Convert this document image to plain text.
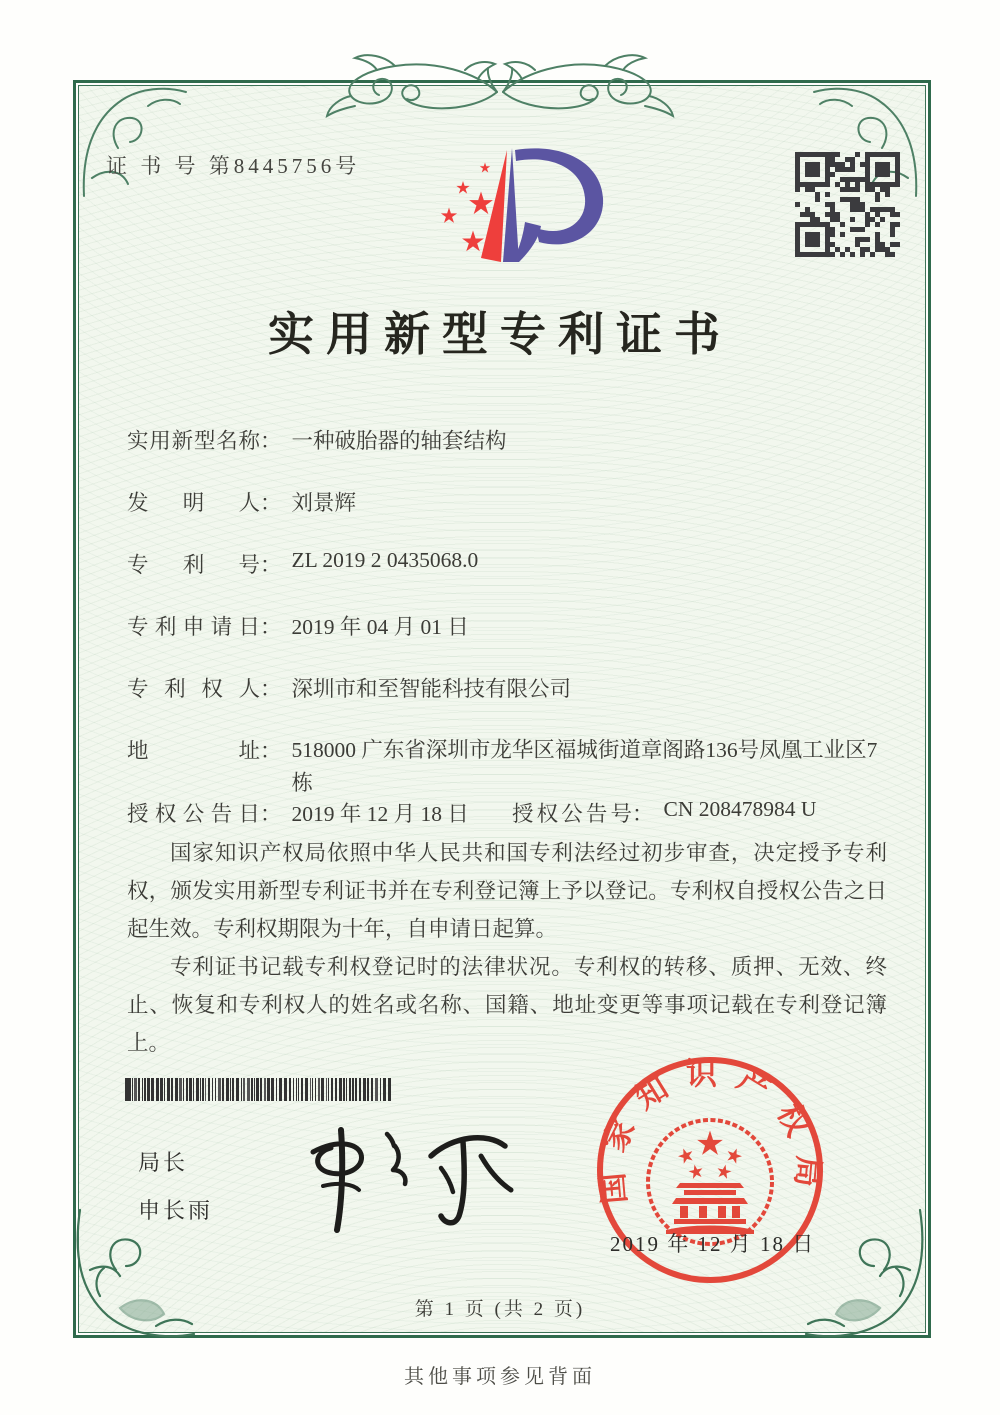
证 书 号 第8445756号
实用新型专利证书
实用新型名称 ： 一种破胎器的轴套结构
发明人 ： 刘景辉
专利号 ： ZL 2019 2 0435068.0
专利申请日 ： 2019 年 04 月 01 日
专利权人 ： 深圳市和至智能科技有限公司
地址 ： 518000 广东省深圳市龙华区福城街道章阁路136号凤凰工业区7栋
授权公告日 ： 2019 年 12 月 18 日 授权公告号 ： CN 208478984 U

国家知识产权局依照中华人民共和国专利法经过初步审查，决定授予专利权，颁发实用新型专利证书并在专利登记簿上予以登记。专利权自授权公告之日起生效。专利权期限为十年，自申请日起算。

专利证书记载专利权登记时的法律状况。专利权的转移、质押、无效、终止、恢复和专利权人的姓名或名称、国籍、地址变更等事项记载在专利登记簿上。

局长
申长雨
国家知识产权局
2019 年 12 月 18 日
第 1 页 (共 2 页)
其他事项参见背面
